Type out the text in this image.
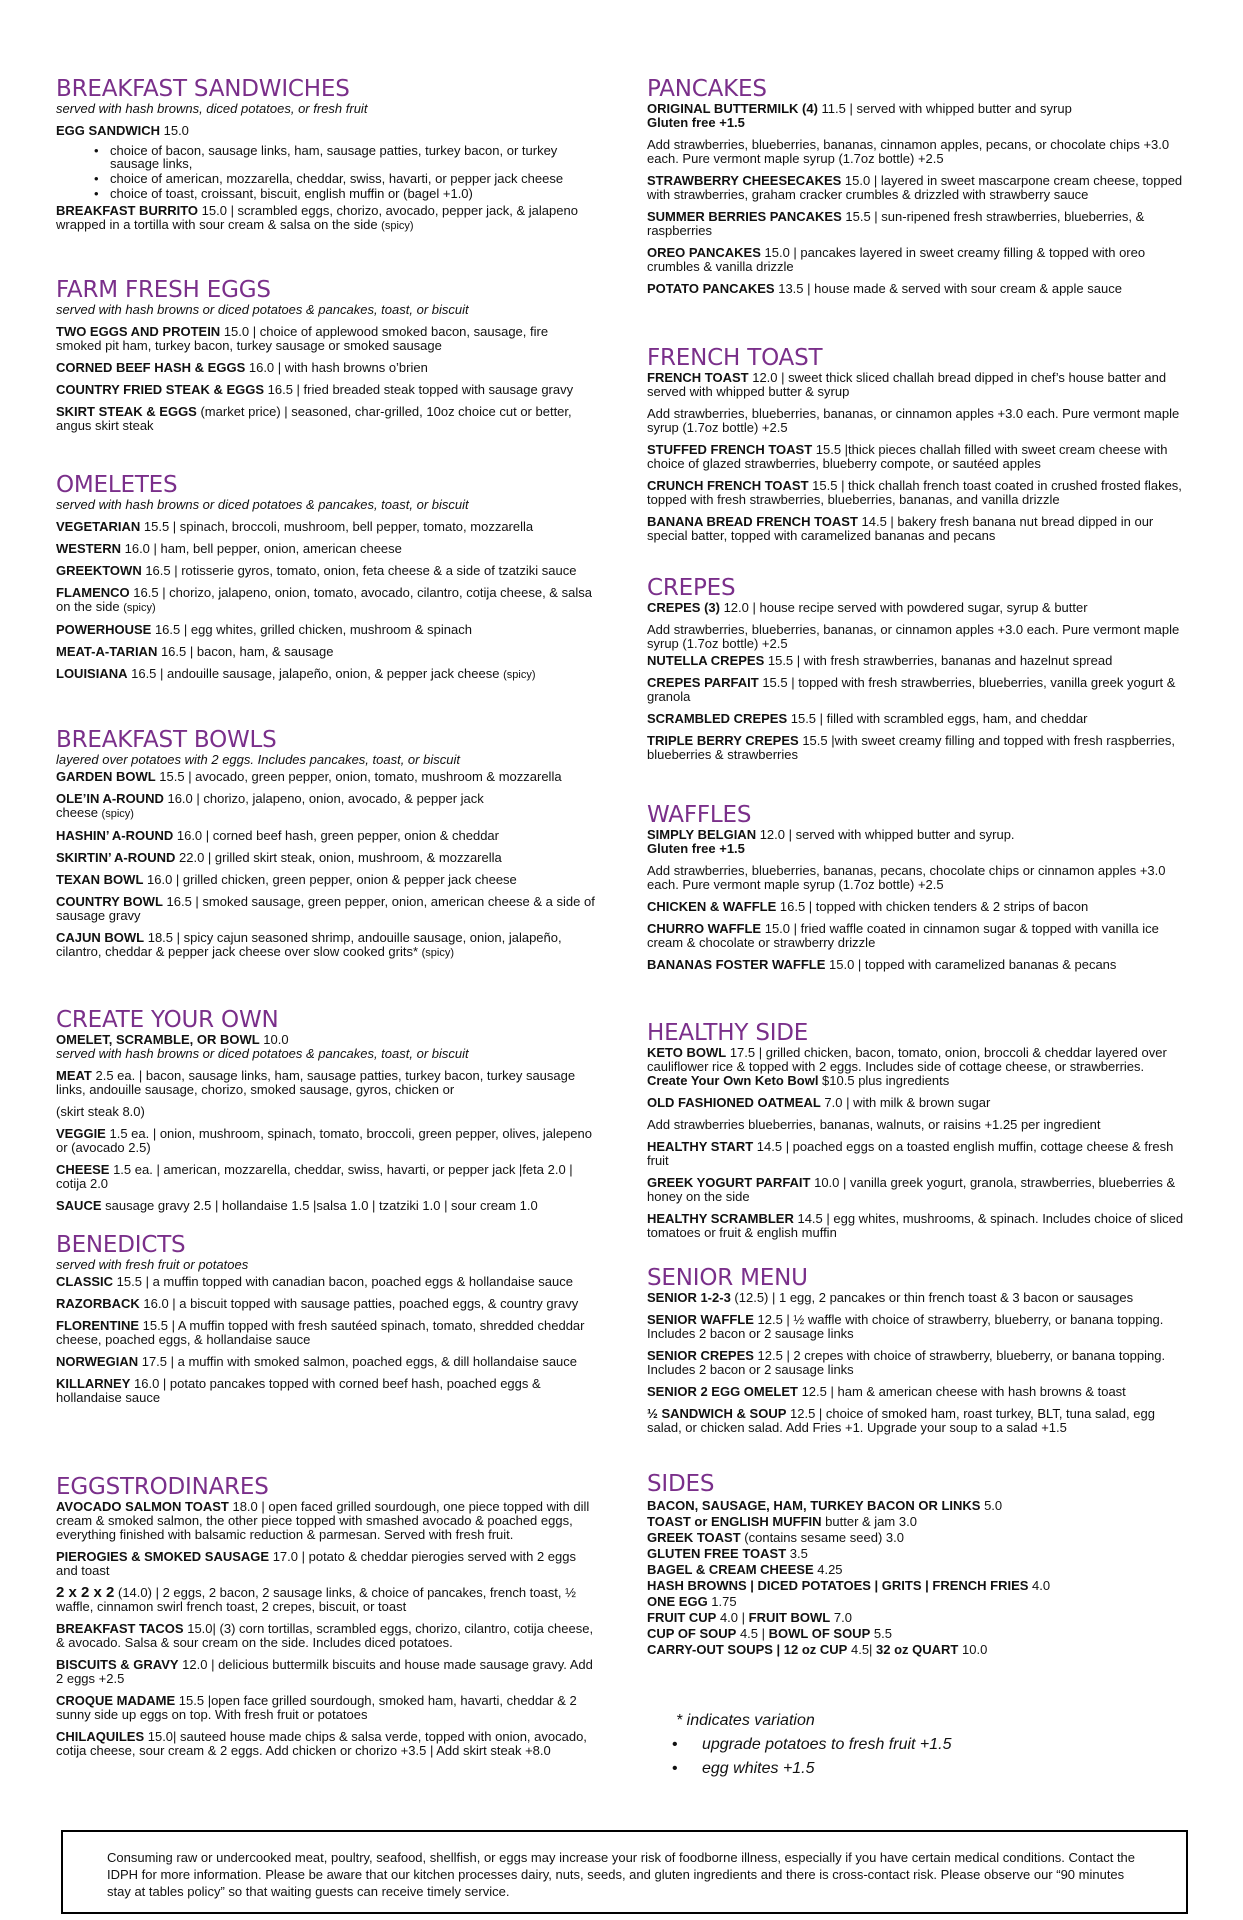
BREAKFAST SANDWICHES
served with hash browns, diced potatoes, or fresh fruit
EGG SANDWICH 15.0
• choice of bacon, sausage links, ham, sausage patties, turkey bacon, or turkey sausage links,
• choice of american, mozzarella, cheddar, swiss, havarti, or pepper jack cheese
• choice of toast, croissant, biscuit, english muffin or (bagel +1.0)
BREAKFAST BURRITO 15.0 | scrambled eggs, chorizo, avocado, pepper jack, & jalapeno wrapped in a tortilla with sour cream & salsa on the side (spicy)
FARM FRESH EGGS
served with hash browns or diced potatoes & pancakes, toast, or biscuit
TWO EGGS AND PROTEIN 15.0 | choice of applewood smoked bacon, sausage, fire smoked pit ham, turkey bacon, turkey sausage or smoked sausage
CORNED BEEF HASH & EGGS 16.0 | with hash browns o’brien
COUNTRY FRIED STEAK & EGGS 16.5 | fried breaded steak topped with sausage gravy
SKIRT STEAK & EGGS (market price) | seasoned, char-grilled, 10oz choice cut or better, angus skirt steak
OMELETES
served with hash browns or diced potatoes & pancakes, toast, or biscuit
VEGETARIAN 15.5 | spinach, broccoli, mushroom, bell pepper, tomato, mozzarella
WESTERN 16.0 | ham, bell pepper, onion, american cheese
GREEKTOWN 16.5 | rotisserie gyros, tomato, onion, feta cheese & a side of tzatziki sauce
FLAMENCO 16.5 | chorizo, jalapeno, onion, tomato, avocado, cilantro, cotija cheese, & salsa on the side (spicy)
POWERHOUSE 16.5 | egg whites, grilled chicken, mushroom & spinach
MEAT-A-TARIAN 16.5 | bacon, ham, & sausage
LOUISIANA 16.5 | andouille sausage, jalapeño, onion, & pepper jack cheese (spicy)
BREAKFAST BOWLS
layered over potatoes with 2 eggs. Includes pancakes, toast, or biscuit
GARDEN BOWL 15.5 | avocado, green pepper, onion, tomato, mushroom & mozzarella
OLE’IN A-ROUND 16.0 | chorizo, jalapeno, onion, avocado, & pepper jack cheese (spicy)
HASHIN’ A-ROUND 16.0 | corned beef hash, green pepper, onion & cheddar
SKIRTIN’ A-ROUND 22.0 | grilled skirt steak, onion, mushroom, & mozzarella
TEXAN BOWL 16.0 | grilled chicken, green pepper, onion & pepper jack cheese
COUNTRY BOWL 16.5 | smoked sausage, green pepper, onion, american cheese & a side of sausage gravy
CAJUN BOWL 18.5 | spicy cajun seasoned shrimp, andouille sausage, onion, jalapeño, cilantro, cheddar & pepper jack cheese over slow cooked grits* (spicy)
CREATE YOUR OWN
OMELET, SCRAMBLE, OR BOWL 10.0
served with hash browns or diced potatoes & pancakes, toast, or biscuit
MEAT 2.5 ea. | bacon, sausage links, ham, sausage patties, turkey bacon, turkey sausage links, andouille sausage, chorizo, smoked sausage, gyros, chicken or
(skirt steak 8.0)
VEGGIE 1.5 ea. | onion, mushroom, spinach, tomato, broccoli, green pepper, olives, jalepeno or (avocado 2.5)
CHEESE 1.5 ea. | american, mozzarella, cheddar, swiss, havarti, or pepper jack |feta 2.0 | cotija 2.0
SAUCE sausage gravy 2.5 | hollandaise 1.5 |salsa 1.0 | tzatziki 1.0 | sour cream 1.0
BENEDICTS
served with fresh fruit or potatoes
CLASSIC 15.5 | a muffin topped with canadian bacon, poached eggs & hollandaise sauce
RAZORBACK 16.0 | a biscuit topped with sausage patties, poached eggs, & country gravy
FLORENTINE 15.5 | A muffin topped with fresh sautéed spinach, tomato, shredded cheddar cheese, poached eggs, & hollandaise sauce
NORWEGIAN 17.5 | a muffin with smoked salmon, poached eggs, & dill hollandaise sauce
KILLARNEY 16.0 | potato pancakes topped with corned beef hash, poached eggs & hollandaise sauce
EGGSTRODINARES
AVOCADO SALMON TOAST 18.0 | open faced grilled sourdough, one piece topped with dill cream & smoked salmon, the other piece topped with smashed avocado & poached eggs, everything finished with balsamic reduction & parmesan. Served with fresh fruit.
PIEROGIES & SMOKED SAUSAGE 17.0 | potato & cheddar pierogies served with 2 eggs and toast
2 x 2 x 2 (14.0) | 2 eggs, 2 bacon, 2 sausage links, & choice of pancakes, french toast, ½ waffle, cinnamon swirl french toast, 2 crepes, biscuit, or toast
BREAKFAST TACOS 15.0| (3) corn tortillas, scrambled eggs, chorizo, cilantro, cotija cheese, & avocado. Salsa & sour cream on the side. Includes diced potatoes.
BISCUITS & GRAVY 12.0 | delicious buttermilk biscuits and house made sausage gravy. Add 2 eggs +2.5
CROQUE MADAME 15.5 |open face grilled sourdough, smoked ham, havarti, cheddar & 2 sunny side up eggs on top. With fresh fruit or potatoes
CHILAQUILES 15.0| sauteed house made chips & salsa verde, topped with onion, avocado, cotija cheese, sour cream & 2 eggs. Add chicken or chorizo +3.5 | Add skirt steak +8.0
PANCAKES
ORIGINAL BUTTERMILK (4) 11.5 | served with whipped butter and syrup
Gluten free +1.5
Add strawberries, blueberries, bananas, cinnamon apples, pecans, or chocolate chips +3.0 each. Pure vermont maple syrup (1.7oz bottle) +2.5
STRAWBERRY CHEESECAKES 15.0 | layered in sweet mascarpone cream cheese, topped with strawberries, graham cracker crumbles & drizzled with strawberry sauce
SUMMER BERRIES PANCAKES 15.5 | sun-ripened fresh strawberries, blueberries, & raspberries
OREO PANCAKES 15.0 | pancakes layered in sweet creamy filling & topped with oreo crumbles & vanilla drizzle
POTATO PANCAKES 13.5 | house made & served with sour cream & apple sauce
FRENCH TOAST
FRENCH TOAST 12.0 | sweet thick sliced challah bread dipped in chef’s house batter and served with whipped butter & syrup
Add strawberries, blueberries, bananas, or cinnamon apples +3.0 each. Pure vermont maple syrup (1.7oz bottle) +2.5
STUFFED FRENCH TOAST 15.5 |thick pieces challah filled with sweet cream cheese with choice of glazed strawberries, blueberry compote, or sautéed apples
CRUNCH FRENCH TOAST 15.5 | thick challah french toast coated in crushed frosted flakes, topped with fresh strawberries, blueberries, bananas, and vanilla drizzle
BANANA BREAD FRENCH TOAST 14.5 | bakery fresh banana nut bread dipped in our special batter, topped with caramelized bananas and pecans
CREPES
CREPES (3) 12.0 | house recipe served with powdered sugar, syrup & butter
Add strawberries, blueberries, bananas, or cinnamon apples +3.0 each. Pure vermont maple syrup (1.7oz bottle) +2.5
NUTELLA CREPES 15.5 | with fresh strawberries, bananas and hazelnut spread
CREPES PARFAIT 15.5 | topped with fresh strawberries, blueberries, vanilla greek yogurt & granola
SCRAMBLED CREPES 15.5 | filled with scrambled eggs, ham, and cheddar
TRIPLE BERRY CREPES 15.5 |with sweet creamy filling and topped with fresh raspberries, blueberries & strawberries
WAFFLES
SIMPLY BELGIAN 12.0 | served with whipped butter and syrup.
Gluten free +1.5
Add strawberries, blueberries, bananas, pecans, chocolate chips or cinnamon apples +3.0 each. Pure vermont maple syrup (1.7oz bottle) +2.5
CHICKEN & WAFFLE 16.5 | topped with chicken tenders & 2 strips of bacon
CHURRO WAFFLE 15.0 | fried waffle coated in cinnamon sugar & topped with vanilla ice cream & chocolate or strawberry drizzle
BANANAS FOSTER WAFFLE 15.0 | topped with caramelized bananas & pecans
HEALTHY SIDE
KETO BOWL 17.5 | grilled chicken, bacon, tomato, onion, broccoli & cheddar layered over cauliflower rice & topped with 2 eggs. Includes side of cottage cheese, or strawberries. Create Your Own Keto Bowl $10.5 plus ingredients
OLD FASHIONED OATMEAL 7.0 | with milk & brown sugar
Add strawberries blueberries, bananas, walnuts, or raisins +1.25 per ingredient
HEALTHY START 14.5 | poached eggs on a toasted english muffin, cottage cheese & fresh fruit
GREEK YOGURT PARFAIT 10.0 | vanilla greek yogurt, granola, strawberries, blueberries & honey on the side
HEALTHY SCRAMBLER 14.5 | egg whites, mushrooms, & spinach. Includes choice of sliced tomatoes or fruit & english muffin
SENIOR MENU
SENIOR 1-2-3 (12.5) | 1 egg, 2 pancakes or thin french toast & 3 bacon or sausages
SENIOR WAFFLE 12.5 | ½ waffle with choice of strawberry, blueberry, or banana topping. Includes 2 bacon or 2 sausage links
SENIOR CREPES 12.5 | 2 crepes with choice of strawberry, blueberry, or banana topping. Includes 2 bacon or 2 sausage links
SENIOR 2 EGG OMELET 12.5 | ham & american cheese with hash browns & toast
½ SANDWICH & SOUP 12.5 | choice of smoked ham, roast turkey, BLT, tuna salad, egg salad, or chicken salad. Add Fries +1. Upgrade your soup to a salad +1.5
SIDES
BACON, SAUSAGE, HAM, TURKEY BACON OR LINKS 5.0
TOAST or ENGLISH MUFFIN butter & jam 3.0
GREEK TOAST (contains sesame seed) 3.0
GLUTEN FREE TOAST 3.5
BAGEL & CREAM CHEESE 4.25
HASH BROWNS | DICED POTATOES | GRITS | FRENCH FRIES 4.0
ONE EGG 1.75
FRUIT CUP 4.0 | FRUIT BOWL 7.0
CUP OF SOUP 4.5 | BOWL OF SOUP 5.5
CARRY-OUT SOUPS | 12 oz CUP 4.5| 32 oz QUART 10.0
* indicates variation
• upgrade potatoes to fresh fruit +1.5
• egg whites +1.5
Consuming raw or undercooked meat, poultry, seafood, shellfish, or eggs may increase your risk of foodborne illness, especially if you have certain medical conditions. Contact the IDPH for more information. Please be aware that our kitchen processes dairy, nuts, seeds, and gluten ingredients and there is cross-contact risk. Please observe our “90 minutes stay at tables policy” so that waiting guests can receive timely service.
